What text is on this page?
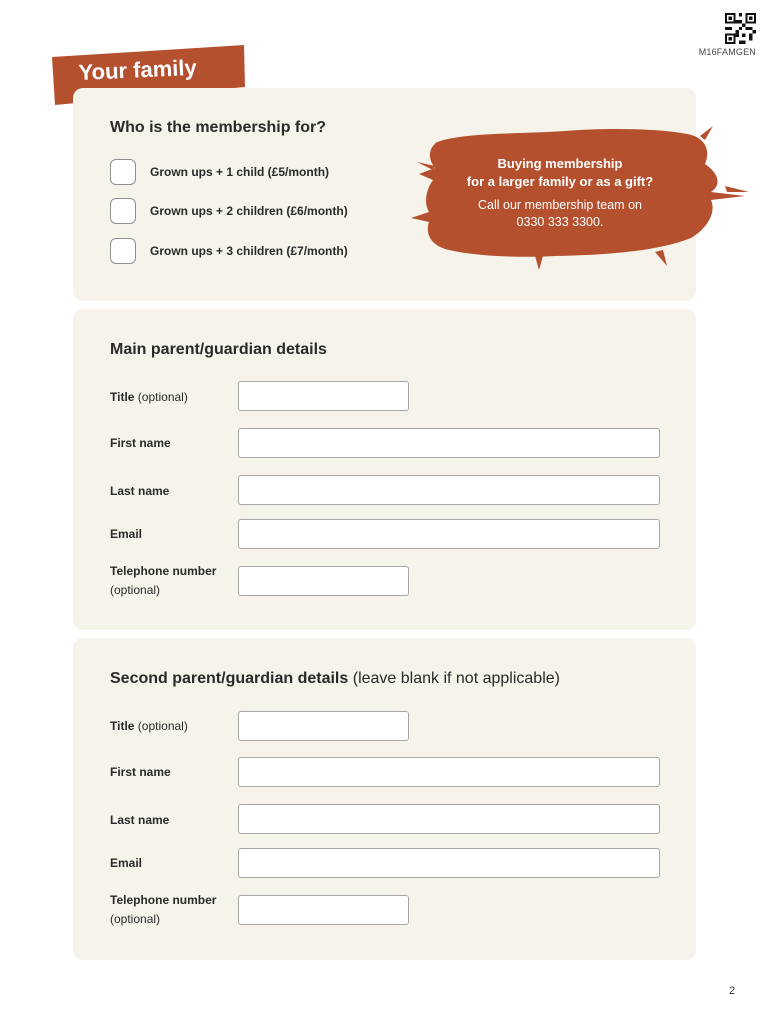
M16FAMGEN
Your family
Who is the membership for?
Grown ups + 1 child (£5/month)
Grown ups + 2 children (£6/month)
Grown ups + 3 children (£7/month)
Buying membership
for a larger family or as a gift?
Call our membership team on
0330 333 3300.
Main parent/guardian details
Title (optional)
First name
Last name
Email
Telephone number
(optional)
Second parent/guardian details (leave blank if not applicable)
Title (optional)
First name
Last name
Email
Telephone number
(optional)
2
